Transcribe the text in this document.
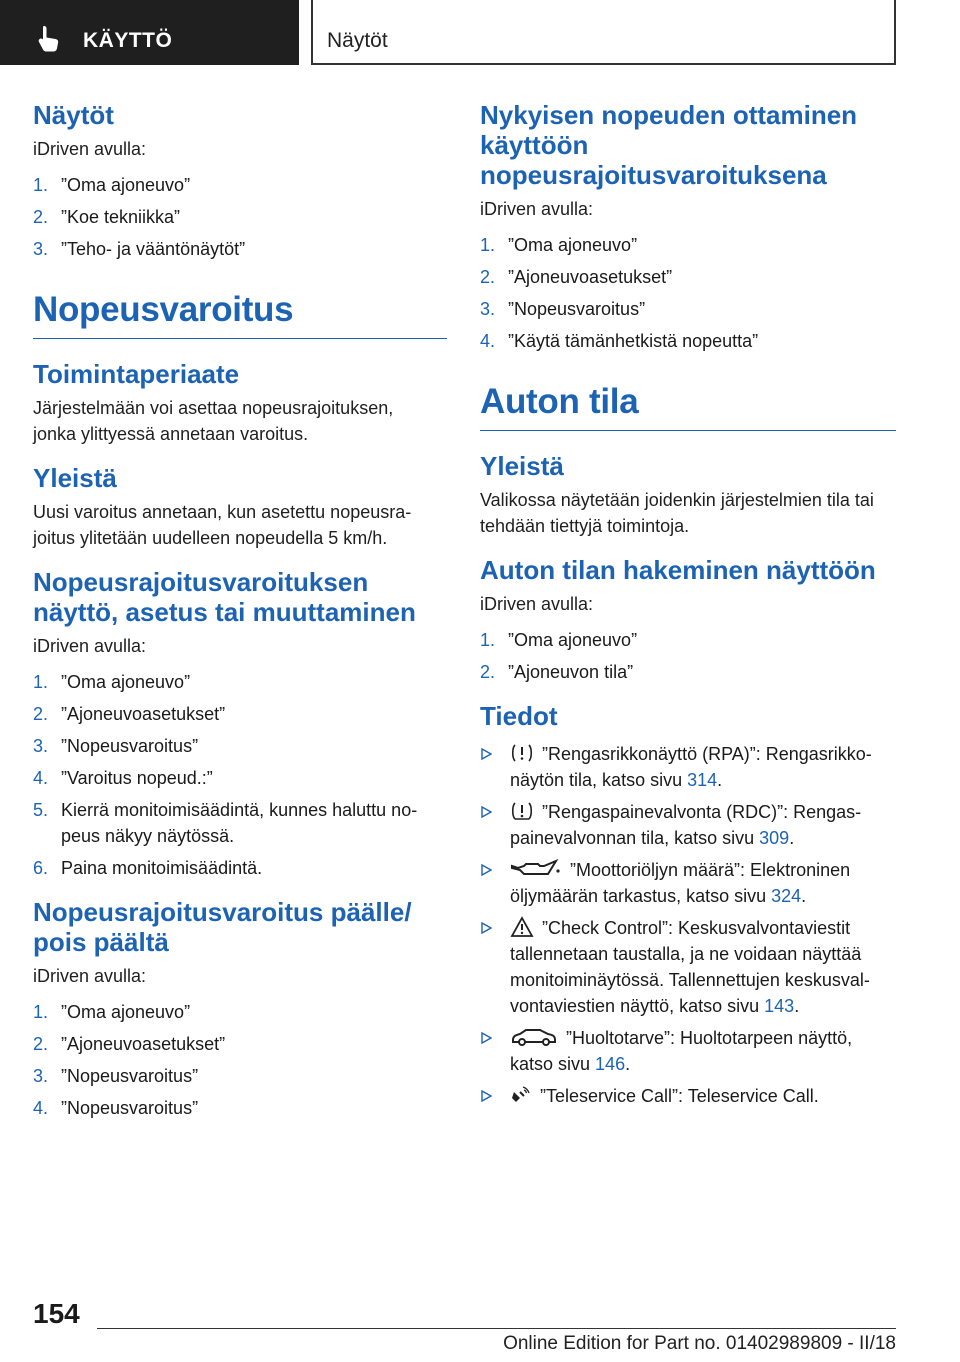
KÄYTTÖ	Näytöt
Näytöt

iDriven avulla:

1. ”Oma ajoneuvo”
2. ”Koe tekniikka”
3. ”Teho- ja vääntönäytöt”
Nopeusvaroitus
Toimintaperiaate

Järjestelmään voi asettaa nopeusrajoituksen,
jonka ylittyessä annetaan varoitus.

Yleistä

Uusi varoitus annetaan, kun asetettu nopeusra-
joitus ylitetään uudelleen nopeudella 5 km/h.

Nopeusrajoitusvaroituksen
näyttö, asetus tai muuttaminen

iDriven avulla:

1. ”Oma ajoneuvo”
2. ”Ajoneuvoasetukset”
3. ”Nopeusvaroitus”
4. ”Varoitus nopeud.:”
5. Kierrä monitoimisäädintä, kunnes haluttu no-
peus näkyy näytössä.
6. Paina monitoimisäädintä.
Nopeusrajoitusvaroitus päälle/
pois päältä

iDriven avulla:

1. ”Oma ajoneuvo”
2. ”Ajoneuvoasetukset”
3. ”Nopeusvaroitus”
4. ”Nopeusvaroitus”
Nykyisen nopeuden ottaminen
käyttöön
nopeusrajoitusvaroituksena

iDriven avulla:

1. ”Oma ajoneuvo”
2. ”Ajoneuvoasetukset”
3. ”Nopeusvaroitus”
4. ”Käytä tämänhetkistä nopeutta”
Auton tila
Yleistä

Valikossa näytetään joidenkin järjestelmien tila tai
tehdään tiettyjä toimintoja.

Auton tilan hakeminen näyttöön

iDriven avulla:

1. ”Oma ajoneuvo”
2. ”Ajoneuvon tila”
Tiedot
”Rengasrikkonäyttö (RPA)”: Rengasrikko-
näytön tila, katso sivu 314.
”Rengaspainevalvonta (RDC)”: Rengas-
painevalvonnan tila, katso sivu 309.
”Moottoriöljyn määrä”: Elektroninen
öljymäärän tarkastus, katso sivu 324.
”Check Control”: Keskusvalvontaviestit
tallennetaan taustalla, ja ne voidaan näyttää
monitoiminäytössä. Tallennettujen keskusval-
vontaviestien näyttö, katso sivu 143.
”Huoltotarve”: Huoltotarpeen näyttö,
katso sivu 146.
”Teleservice Call”: Teleservice Call.
154
Online Edition for Part no. 01402989809 - II/18
